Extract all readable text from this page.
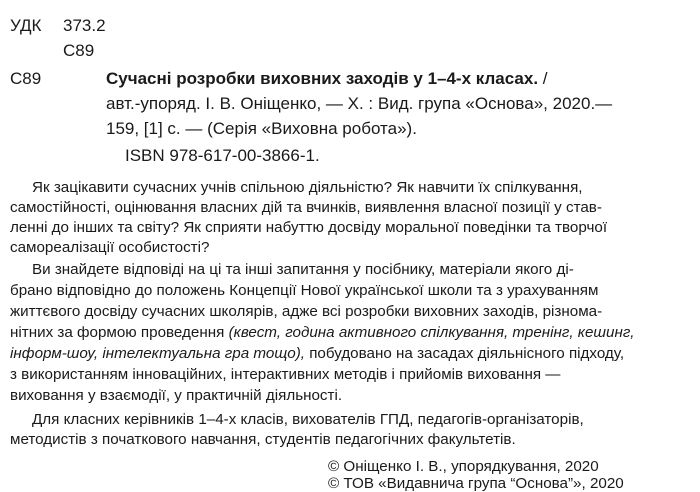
УДК 373.2
С89
С89	Сучасні розробки виховних заходів у 1–4-х класах. /
авт.-упоряд. І. В. Оніщенко, — Х. : Вид. група «Основа», 2020.—
159, [1] с. — (Серія «Виховна робота»).
ISBN 978-617-00-3866-1.
Як зацікавити сучасних учнів спільною діяльністю? Як навчити їх спілкування,
самостійності, оцінювання власних дій та вчинків, виявлення власної позиції у став-
ленні до інших та світу? Як сприяти набуттю досвіду моральної поведінки та творчої
самореалізації особистості?
Ви знайдете відповіді на ці та інші запитання у посібнику, матеріали якого ді-
брано відповідно до положень Концепції Нової української школи та з урахуванням
життєвого досвіду сучасних школярів, адже всі розробки виховних заходів, різнома-
нітних за формою проведення (квест, година активного спілкування, тренінг, кешинг,
інформ-шоу, інтелектуальна гра тощо), побудовано на засадах діяльнісного підходу,
з використанням інноваційних, інтерактивних методів і прийомів виховання —
виховання у взаємодії, у практичній діяльності.
Для класних керівників 1–4-х класів, вихователів ГПД, педагогів-організаторів,
методистів з початкового навчання, студентів педагогічних факультетів.
© Оніщенко І. В., упорядкування, 2020
© ТОВ «Видавнича група “Основа”», 2020
